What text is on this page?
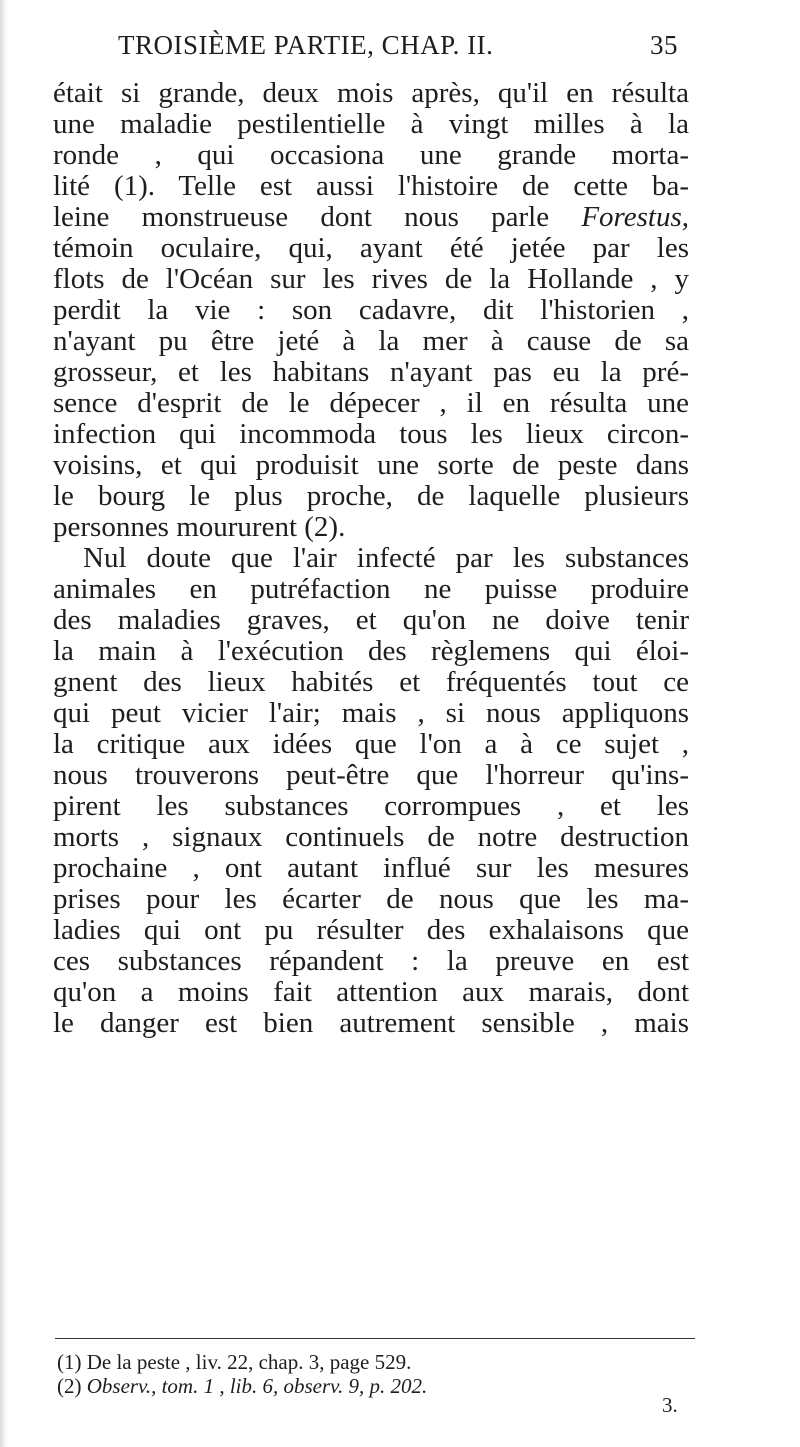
TROISIÈME PARTIE, CHAP. II.	35
était si grande, deux mois après, qu'il en résulta
une maladie pestilentielle à vingt milles à la
ronde , qui occasiona une grande morta-
lité (1). Telle est aussi l'histoire de cette ba-
leine monstrueuse dont nous parle Forestus,
témoin oculaire, qui, ayant été jetée par les
flots de l'Océan sur les rives de la Hollande , y
perdit la vie : son cadavre, dit l'historien ,
n'ayant pu être jeté à la mer à cause de sa
grosseur, et les habitans n'ayant pas eu la pré-
sence d'esprit de le dépecer , il en résulta une
infection qui incommoda tous les lieux circon-
voisins, et qui produisit une sorte de peste dans
le bourg le plus proche, de laquelle plusieurs
personnes moururent (2).
Nul doute que l'air infecté par les substances
animales en putréfaction ne puisse produire
des maladies graves, et qu'on ne doive tenir
la main à l'exécution des règlemens qui éloi-
gnent des lieux habités et fréquentés tout ce
qui peut vicier l'air; mais , si nous appliquons
la critique aux idées que l'on a à ce sujet ,
nous trouverons peut-être que l'horreur qu'ins-
pirent les substances corrompues , et les
morts , signaux continuels de notre destruction
prochaine , ont autant influé sur les mesures
prises pour les écarter de nous que les ma-
ladies qui ont pu résulter des exhalaisons que
ces substances répandent : la preuve en est
qu'on a moins fait attention aux marais, dont
le danger est bien autrement sensible , mais
(1) De la peste , liv. 22, chap. 3, page 529.
(2) Observ., tom. 1 , lib. 6, observ. 9, p. 202.
3.
